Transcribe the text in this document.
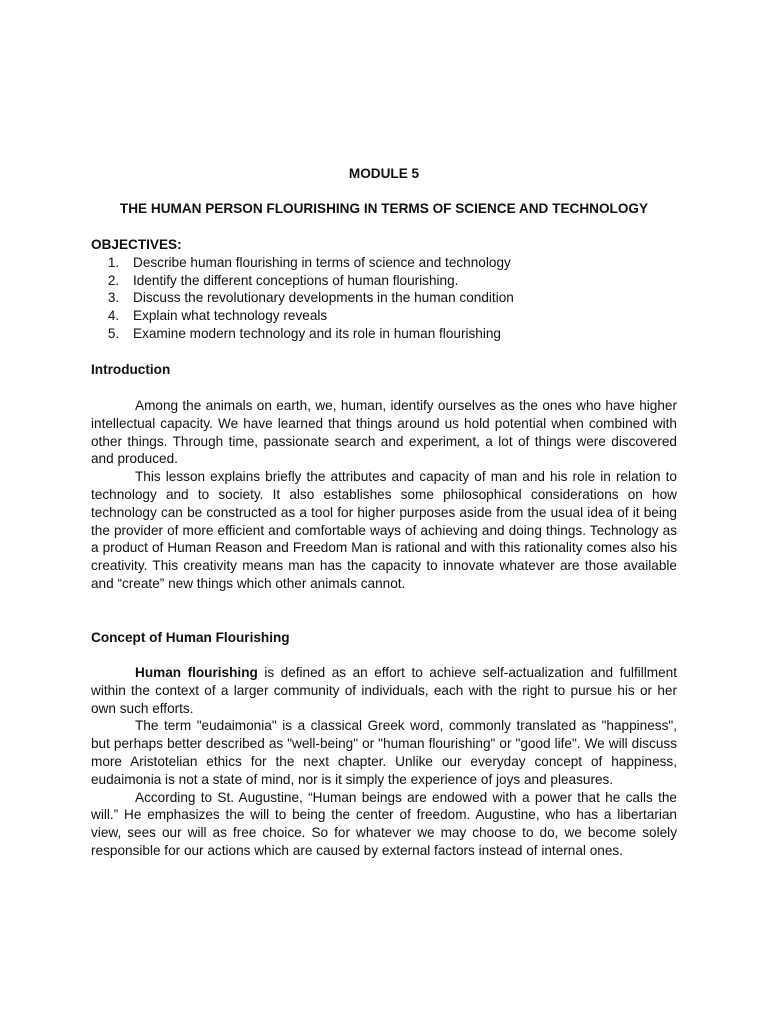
MODULE 5
THE HUMAN PERSON FLOURISHING IN TERMS OF SCIENCE AND TECHNOLOGY

OBJECTIVES:

1. Describe human flourishing in terms of science and technology
2. Identify the different conceptions of human flourishing.
3. Discuss the revolutionary developments in the human condition
4. Explain what technology reveals
5. Examine modern technology and its role in human flourishing

Introduction

Among the animals on earth, we, human, identify ourselves as the ones who have higher intellectual capacity. We have learned that things around us hold potential when combined with other things. Through time, passionate search and experiment, a lot of things were discovered and produced.

This lesson explains briefly the attributes and capacity of man and his role in relation to technology and to society. It also establishes some philosophical considerations on how technology can be constructed as a tool for higher purposes aside from the usual idea of it being the provider of more efficient and comfortable ways of achieving and doing things. Technology as a product of Human Reason and Freedom Man is rational and with this rationality comes also his creativity. This creativity means man has the capacity to innovate whatever are those available and “create” new things which other animals cannot.

Concept of Human Flourishing

Human flourishing is defined as an effort to achieve self-actualization and fulfillment within the context of a larger community of individuals, each with the right to pursue his or her own such efforts.

The term "eudaimonia" is a classical Greek word, commonly translated as "happiness", but perhaps better described as "well-being" or "human flourishing" or "good life". We will discuss more Aristotelian ethics for the next chapter. Unlike our everyday concept of happiness, eudaimonia is not a state of mind, nor is it simply the experience of joys and pleasures.

According to St. Augustine, “Human beings are endowed with a power that he calls the will.” He emphasizes the will to being the center of freedom. Augustine, who has a libertarian view, sees our will as free choice. So for whatever we may choose to do, we become solely responsible for our actions which are caused by external factors instead of internal ones.
